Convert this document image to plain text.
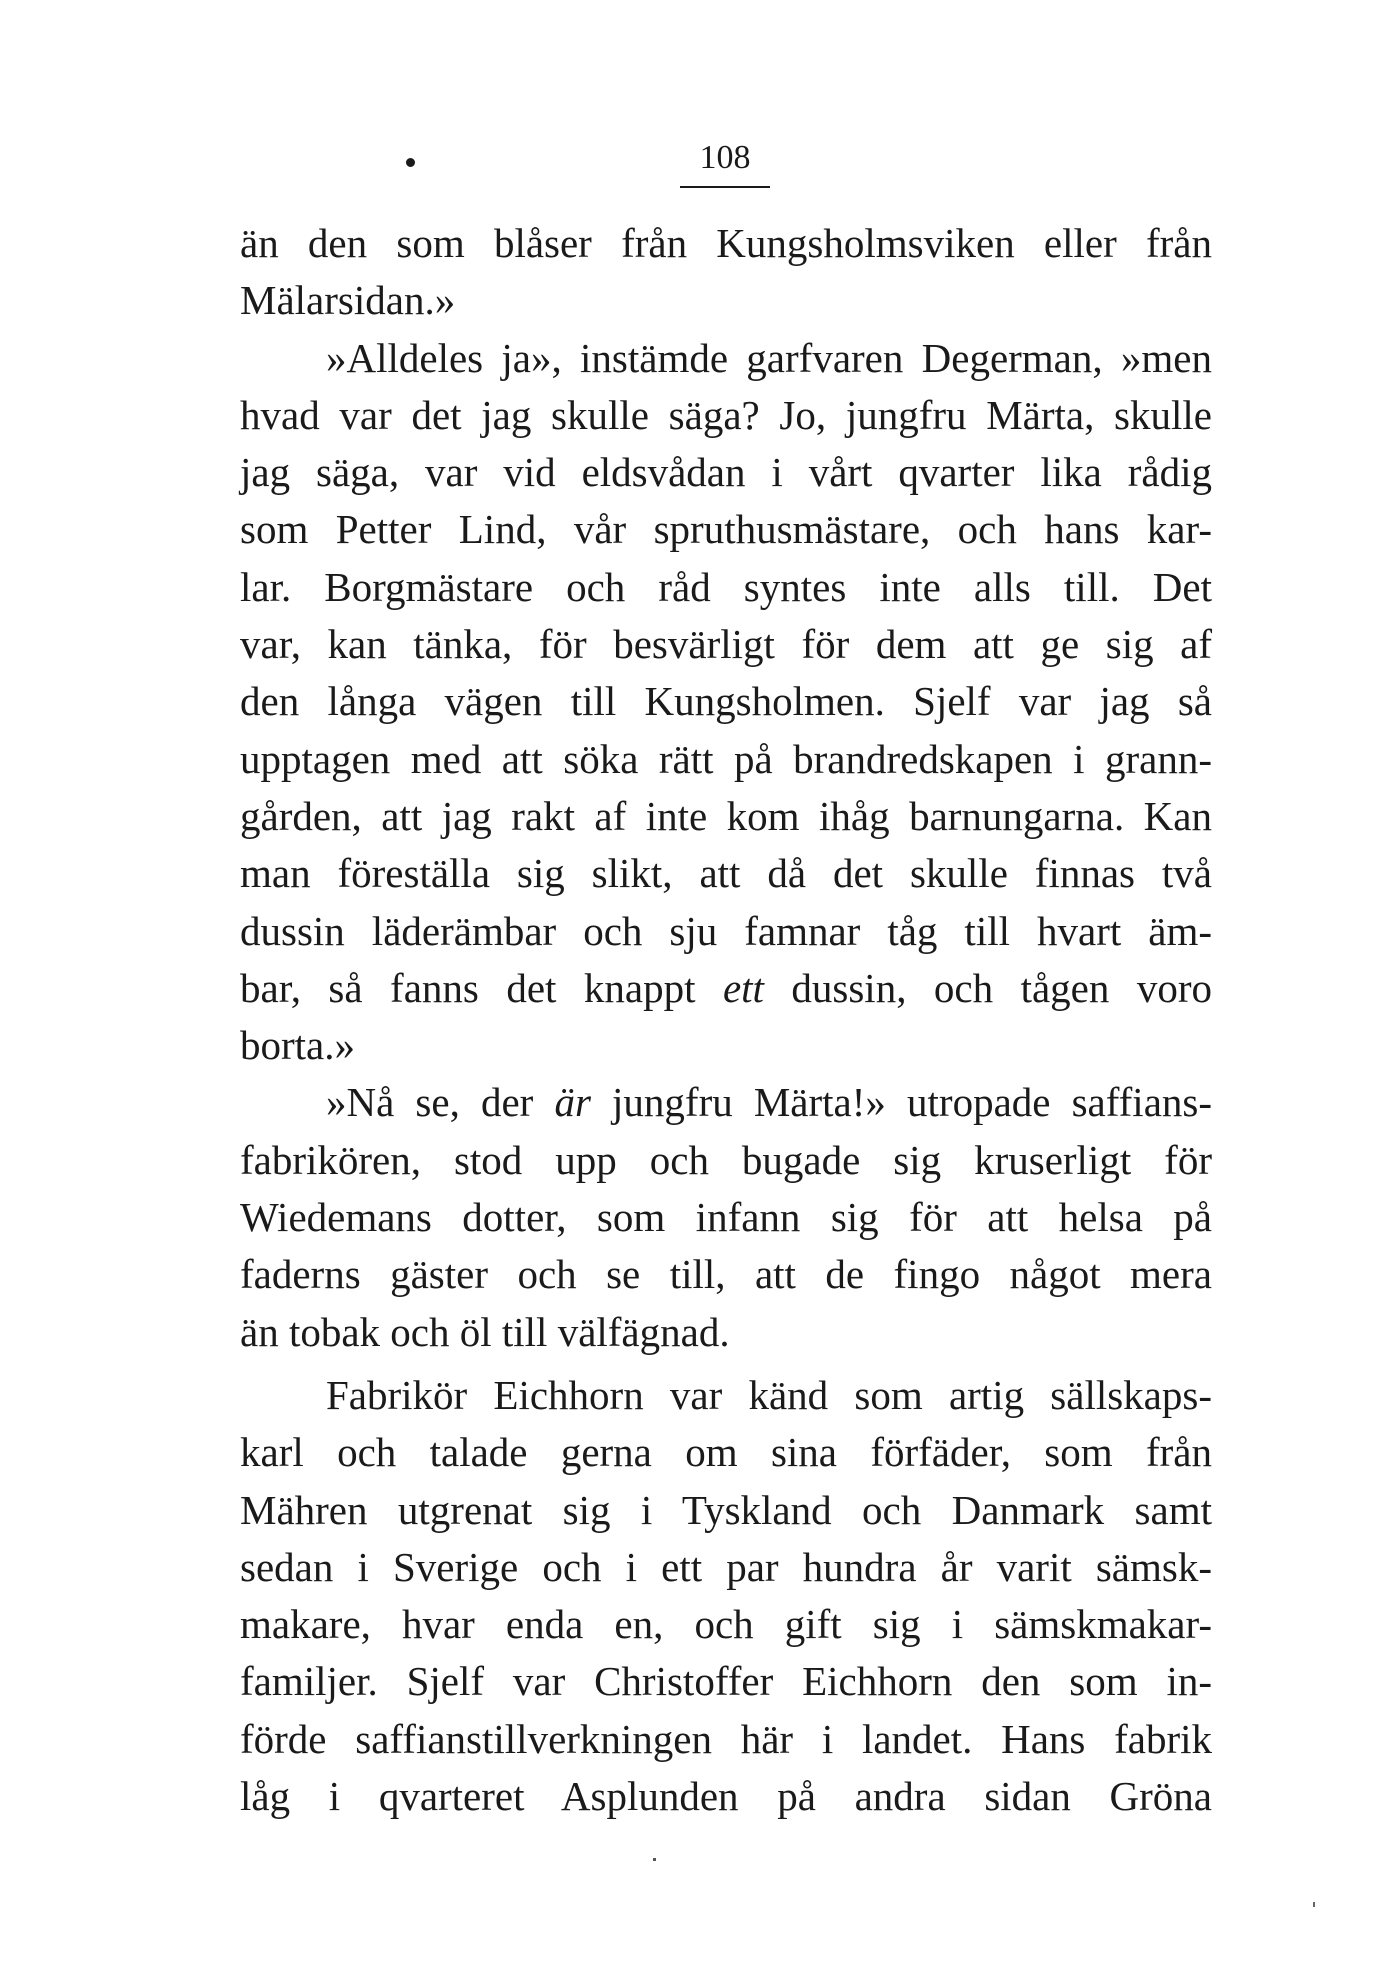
108
än den som blåser från Kungsholmsviken eller från
Mälarsidan.»
»Alldeles ja», instämde garfvaren Degerman, »men
hvad var det jag skulle säga? Jo, jungfru Märta, skulle
jag säga, var vid eldsvådan i vårt qvarter lika rådig
som Petter Lind, vår spruthusmästare, och hans kar-
lar. Borgmästare och råd syntes inte alls till. Det
var, kan tänka, för besvärligt för dem att ge sig af
den långa vägen till Kungsholmen. Sjelf var jag så
upptagen med att söka rätt på brandredskapen i grann-
gården, att jag rakt af inte kom ihåg barnungarna. Kan
man föreställa sig slikt, att då det skulle finnas två
dussin läderämbar och sju famnar tåg till hvart äm-
bar, så fanns det knappt ett dussin, och tågen voro
borta.»
»Nå se, der är jungfru Märta!» utropade saffians-
fabrikören, stod upp och bugade sig kruserligt för
Wiedemans dotter, som infann sig för att helsa på
faderns gäster och se till, att de fingo något mera
än tobak och öl till välfägnad.
Fabrikör Eichhorn var känd som artig sällskaps-
karl och talade gerna om sina förfäder, som från
Mähren utgrenat sig i Tyskland och Danmark samt
sedan i Sverige och i ett par hundra år varit sämsk-
makare, hvar enda en, och gift sig i sämskmakar-
familjer. Sjelf var Christoffer Eichhorn den som in-
förde saffianstillverkningen här i landet. Hans fabrik
låg i qvarteret Asplunden på andra sidan Gröna
